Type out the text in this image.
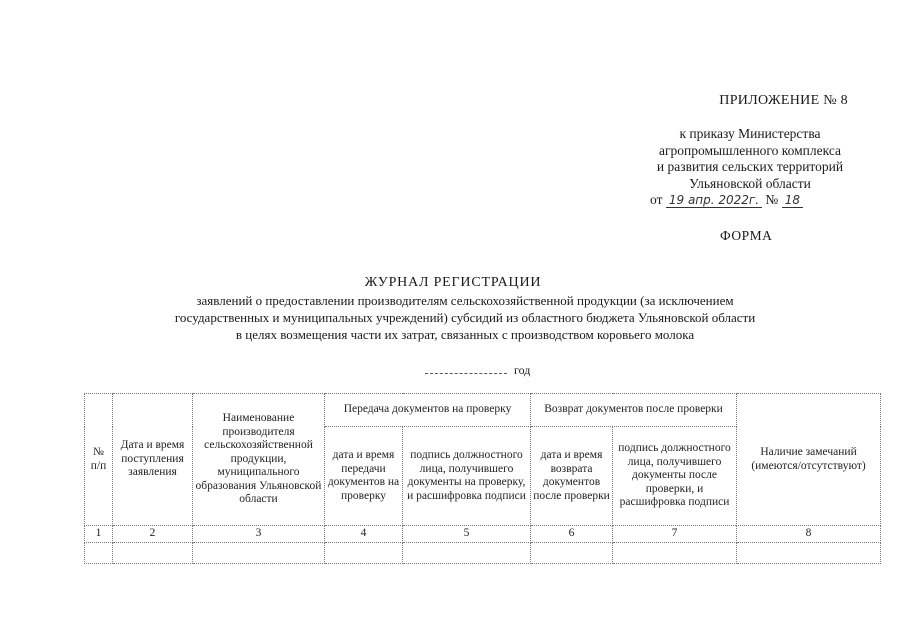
ПРИЛОЖЕНИЕ № 8
к приказу Министерства
агропромышленного комплекса
и развития сельских территорий
Ульяновской области
от 19 апр. 2022г. № 18
ФОРМА
ЖУРНАЛ РЕГИСТРАЦИИ
заявлений о предоставлении производителям сельскохозяйственной продукции (за исключением
государственных и муниципальных учреждений) субсидий из областного бюджета Ульяновской области
в целях возмещения части их затрат, связанных с производством коровьего молока
год
№ п/п	Дата и время поступления заявления	Наименование производителя сельскохозяйственной продукции, муниципального образования Ульяновской области	Передача документов на проверку		Возврат документов после проверки		Наличие замечаний (имеются/отсутствуют)
			дата и время передачи документов на проверку	подпись должностного лица, получившего документы на проверку, и расшифровка подписи	дата и время возврата документов после проверки	подпись должностного лица, получившего документы после проверки, и расшифровка подписи	
1	2	3	4	5	6	7	8
